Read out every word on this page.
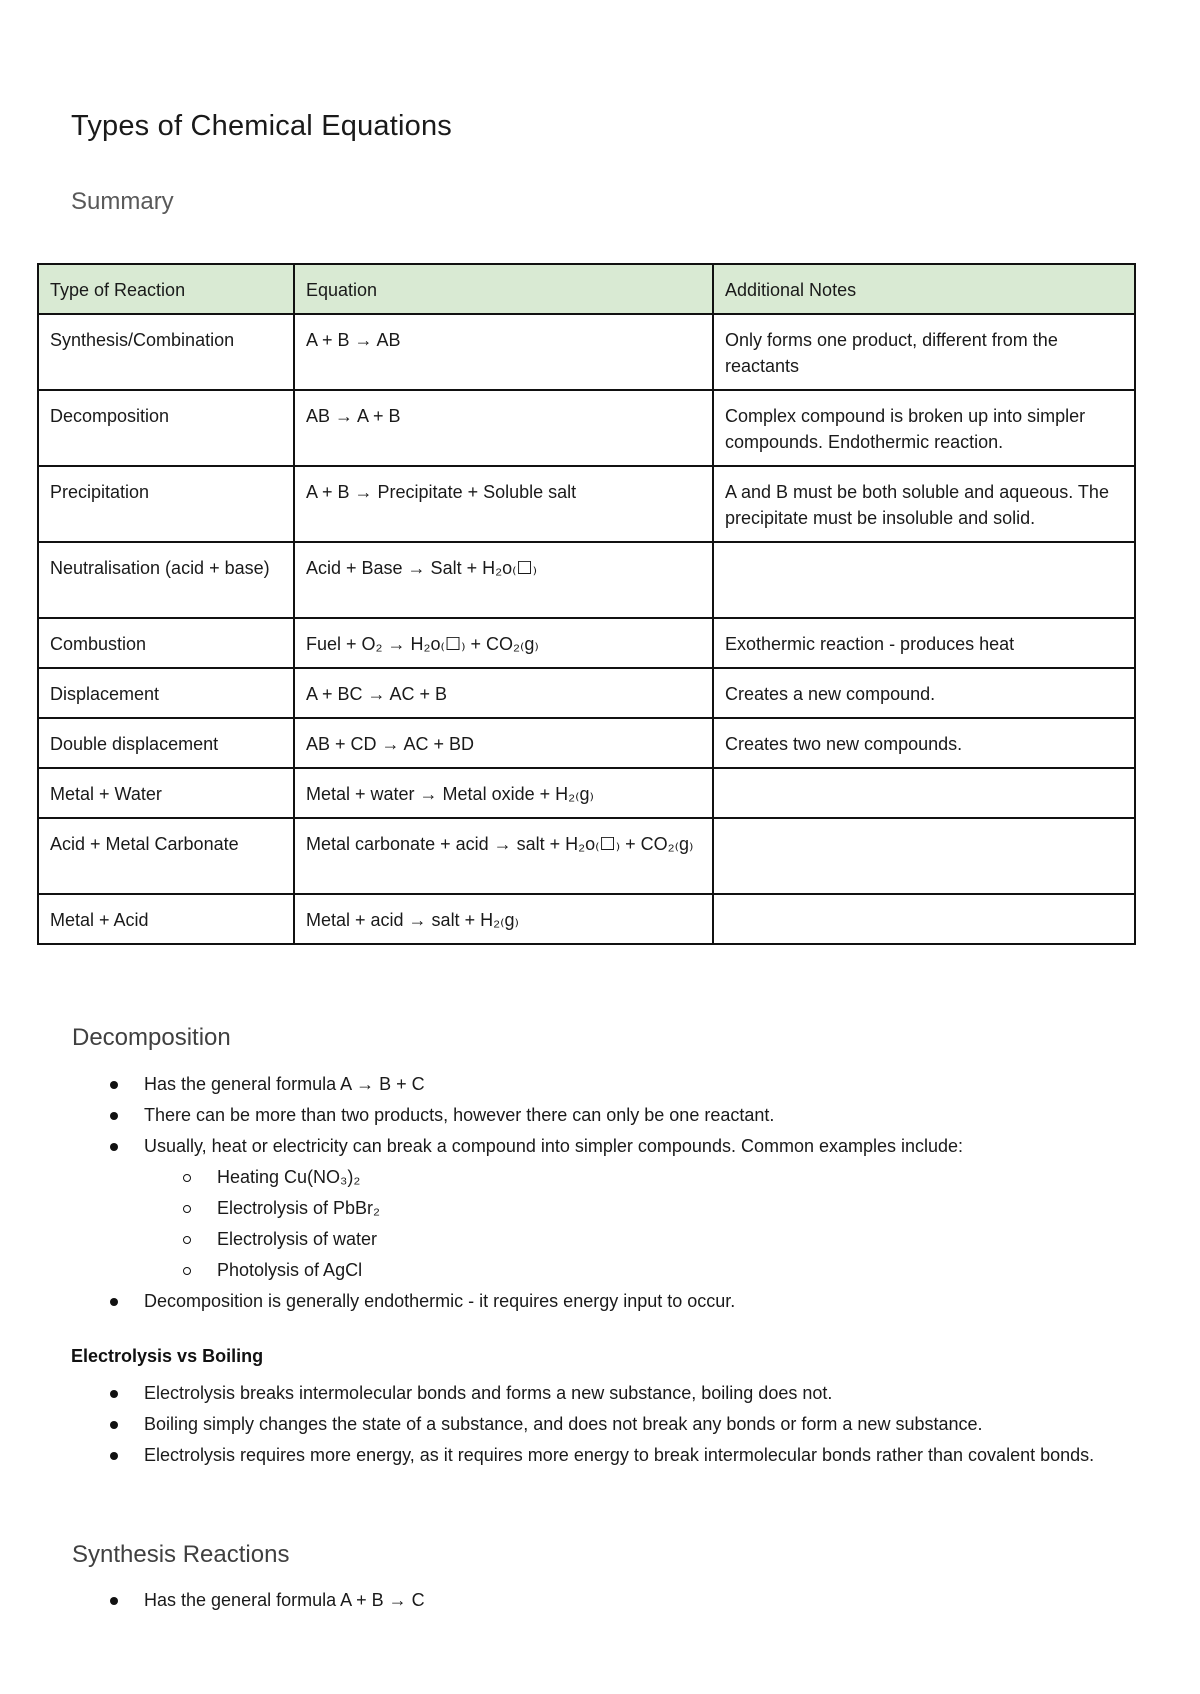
Types of Chemical Equations
Summary
Type of Reaction	Equation	Additional Notes
Synthesis/Combination	A + B → AB	Only forms one product, different from the reactants
Decomposition	AB → A + B	Complex compound is broken up into simpler compounds. Endothermic reaction.
Precipitation	A + B → Precipitate + Soluble salt	A and B must be both soluble and aqueous. The precipitate must be insoluble and solid.
Neutralisation (acid + base)	Acid + Base → Salt + H₂o₍☐₎	
Combustion	Fuel + O₂ → H₂o₍☐₎ + CO₂₍g₎	Exothermic reaction - produces heat
Displacement	A + BC → AC + B	Creates a new compound.
Double displacement	AB + CD → AC + BD	Creates two new compounds.
Metal + Water	Metal + water → Metal oxide + H₂₍g₎	
Acid + Metal Carbonate	Metal carbonate + acid → salt + H₂o₍☐₎ + CO₂₍g₎	
Metal + Acid	Metal + acid → salt + H₂₍g₎	
Decomposition
Has the general formula A → B + C
There can be more than two products, however there can only be one reactant.
Usually, heat or electricity can break a compound into simpler compounds. Common examples include:
Heating Cu(NO₃)₂
Electrolysis of PbBr₂
Electrolysis of water
Photolysis of AgCl
Decomposition is generally endothermic - it requires energy input to occur.
Electrolysis vs Boiling
Electrolysis breaks intermolecular bonds and forms a new substance, boiling does not.
Boiling simply changes the state of a substance, and does not break any bonds or form a new substance.
Electrolysis requires more energy, as it requires more energy to break intermolecular bonds rather than covalent bonds.
Synthesis Reactions
Has the general formula A + B → C
